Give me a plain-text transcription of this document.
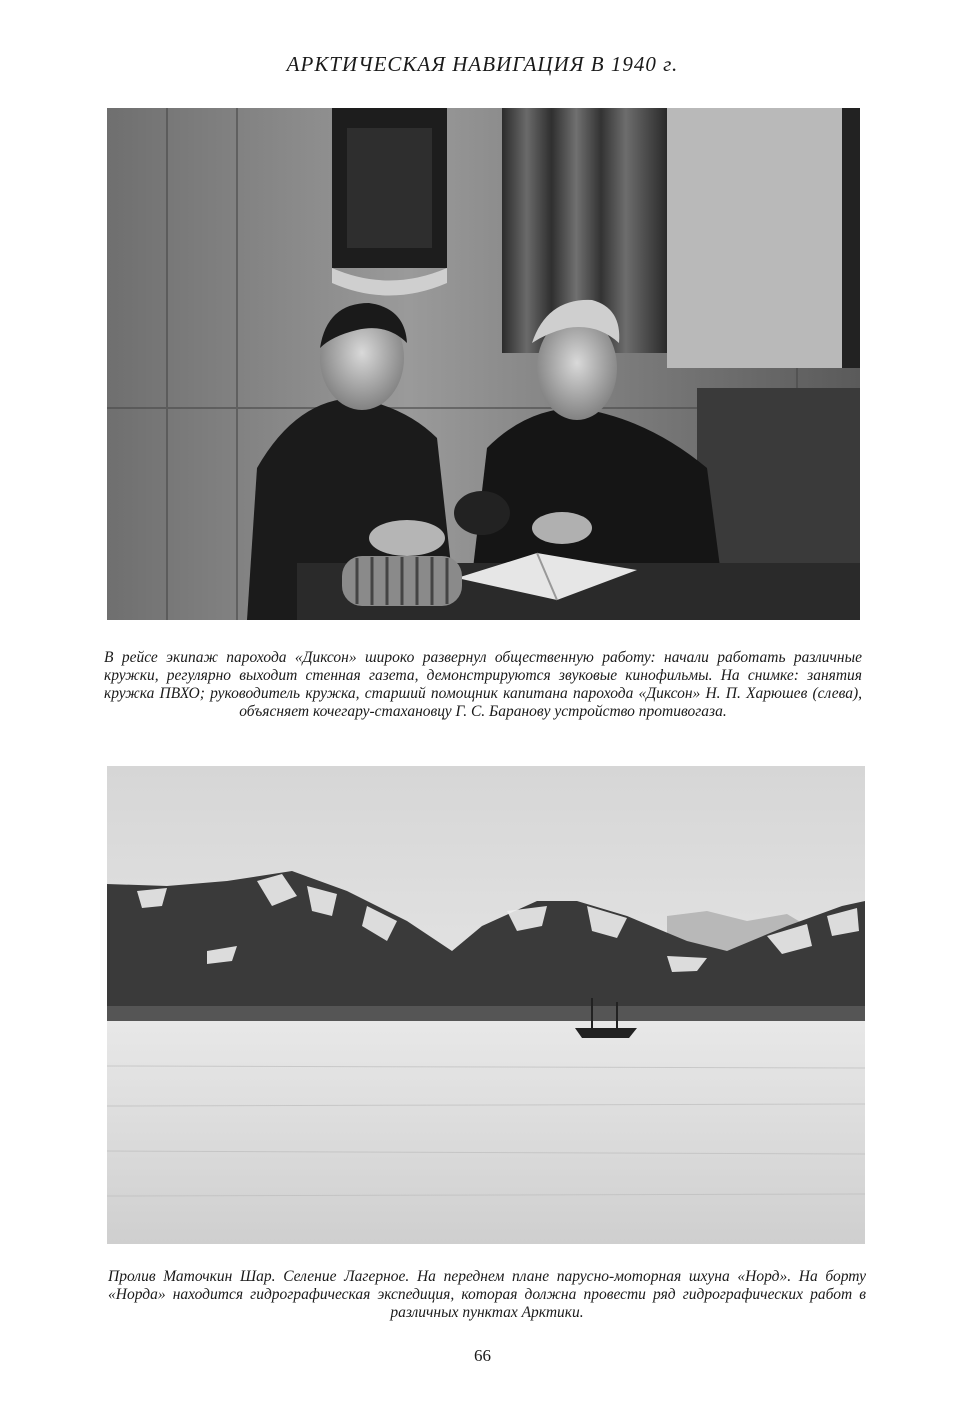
АРКТИЧЕСКАЯ НАВИГАЦИЯ В 1940 г.
В рейсе экипаж парохода «Диксон» широко развернул общественную работу: начали работать различные кружки, регулярно выходит стенная газета, демонстрируются звуковые кинофильмы. На снимке: занятия кружка ПВХО; руководитель кружка, старший помощник капитана парохода «Диксон» Н. П. Харюшев (слева), объясняет кочегару-стахановцу Г. С. Баранову устройство противогаза.
Пролив Маточкин Шар. Селение Лагерное. На переднем плане парусно-моторная шхуна «Норд». На борту «Норда» находится гидрографическая экспедиция, которая должна провести ряд гидрографических работ в различных пунктах Арктики.
66
